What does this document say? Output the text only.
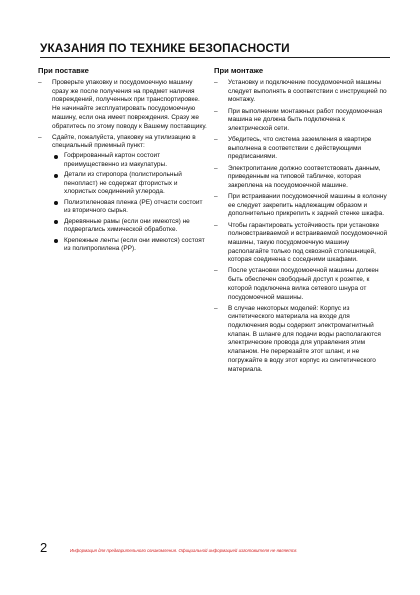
УКАЗАНИЯ ПО ТЕХНИКЕ БЕЗОПАСНОСТИ
При поставке
– Проверьте упаковку и посудомоечную машину сразу же после получения на предмет наличия повреждений, полученных при транспортировке. Не начинайте эксплуатировать посудомоечную машину, если она имеет повреждения. Сразу же обратитесь по этому поводу к Вашему поставщику.
– Сдайте, пожалуйста, упаковку на утилизацию в специальный приемный пункт:
Гофрированный картон состоит преимущественно из макулатуры.
Детали из стиропора (полистирольный пенопласт) не содержат фтористых и хлористых соединений углерода.
Полиэтиленовая пленка (PE) отчасти состоит из вторичного сырья.
Деревянные рамы (если они имеются) не подвергались химической обработке.
Крепежные ленты (если они имеются) состоят из полипропилена (PP).
При монтаже
– Установку и подключение посудомоечной машины следует выполнять в соответствии с инструкцией по монтажу.
– При выполнении монтажных работ посудомоечная машина не должна быть подключена к электрической сети.
– Убедитесь, что система заземления в квартире выполнена в соответствии с действующими предписаниями.
– Электропитание должно соответствовать данным, приведенным на типовой табличке, которая закреплена на посудомоечной машине.
– При встраивании посудомоечной машины в колонну ее следует закрепить надлежащим образом и дополнительно прикрепить к задней стенке шкафа.
– Чтобы гарантировать устойчивость при установке полновстраиваемой и встраиваемой посудомоечной машины, такую посудомоечную машину располагайте только под сквозной столешницей, которая соединена с соседними шкафами.
– После установки посудомоечной машины должен быть обеспечен свободный доступ к розетке, к которой подключена вилка сетевого шнура от посудомоечной машины.
– В случае некоторых моделей: Корпус из синтетического материала на входе для подключения воды содержит электромагнитный клапан. В шланге для подачи воды располагаются электрические провода для управления этим клапаном. Не перерезайте этот шланг, и не погружайте в воду этот корпус из синтетического материала.
2	Информация для предварительного ознакомления. Официальной информацией изготовителя не является.
